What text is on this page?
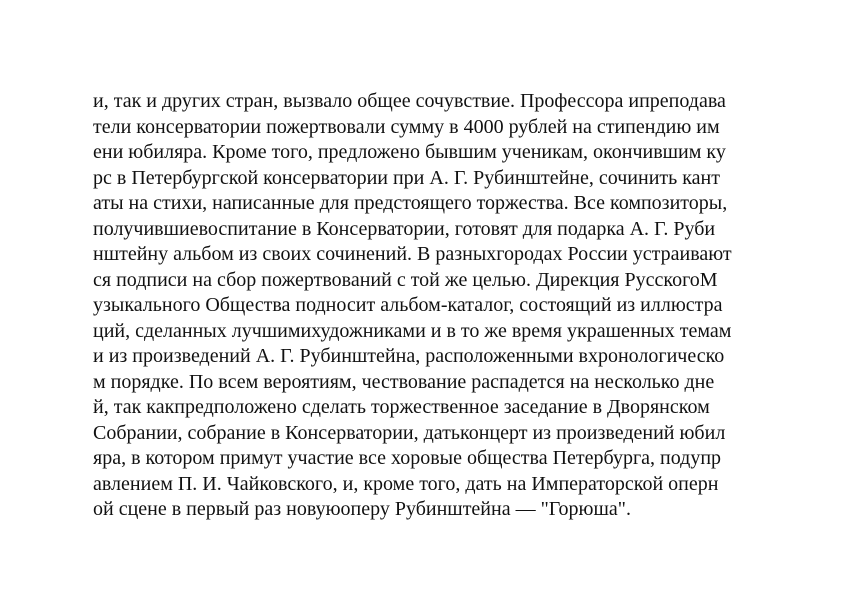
и, так и других стран, вызвало общее сочувствие. Профессора ипреподава
тели консерватории пожертвовали сумму в 4000 рублей на стипендию им
ени юбиляра. Кроме того, предложено бывшим ученикам, окончившим ку
рс в Петербургской консерватории при А. Г. Рубинштейне, сочинить кант
аты на стихи, написанные для предстоящего торжества. Все композиторы,
получившиевоспитание в Консерватории, готовят для подарка А. Г. Руби
нштейну альбом из своих сочинений. В разныхгородах России устраивают
ся подписи на сбор пожертвований с той же целью. Дирекция РусскогоМ
узыкального Общества подносит альбом-каталог, состоящий из иллюстра
ций, сделанных лучшимихудожниками и в то же время украшенных темам
и из произведений А. Г. Рубинштейна, расположенными вхронологическо
м порядке. По всем вероятиям, чествование распадется на несколько дне
й, так какпредположено сделать торжественное заседание в Дворянском
Собрании, собрание в Консерватории, датьконцерт из произведений юбил
яра, в котором примут участие все хоровые общества Петербурга, подупр
авлением П. И. Чайковского, и, кроме того, дать на Императорской оперн
ой сцене в первый раз новуюоперу Рубинштейна — "Горюша".
